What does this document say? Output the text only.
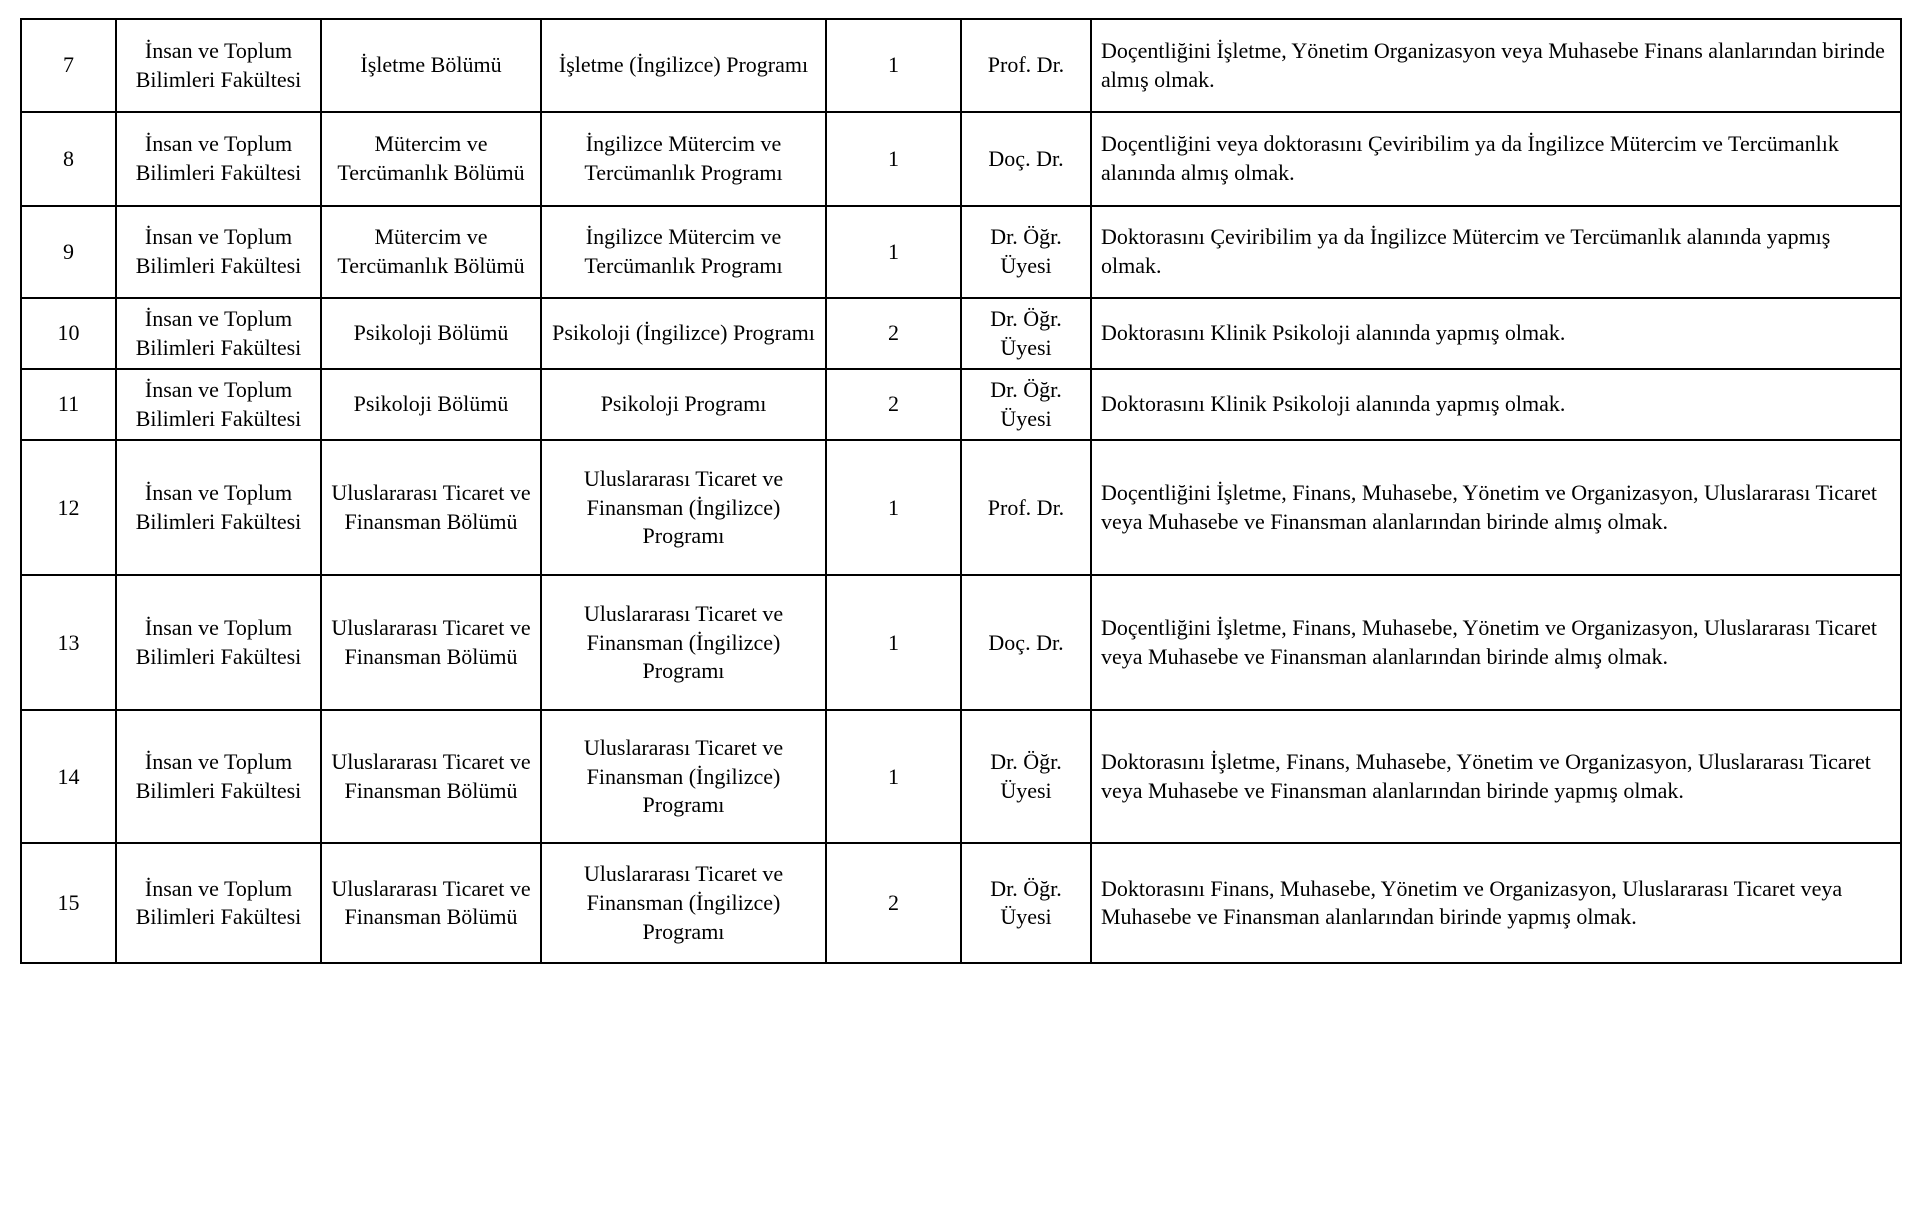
7	İnsan ve Toplum Bilimleri Fakültesi	İşletme Bölümü	İşletme (İngilizce) Programı	1	Prof. Dr.	Doçentliğini İşletme, Yönetim Organizasyon veya Muhasebe Finans alanlarından birinde almış olmak.
8	İnsan ve Toplum Bilimleri Fakültesi	Mütercim ve Tercümanlık Bölümü	İngilizce Mütercim ve Tercümanlık Programı	1	Doç. Dr.	Doçentliğini veya doktorasını Çeviribilim ya da İngilizce Mütercim ve Tercümanlık alanında almış olmak.
9	İnsan ve Toplum Bilimleri Fakültesi	Mütercim ve Tercümanlık Bölümü	İngilizce Mütercim ve Tercümanlık Programı	1	Dr. Öğr. Üyesi	Doktorasını Çeviribilim ya da İngilizce Mütercim ve Tercümanlık alanında yapmış olmak.
10	İnsan ve Toplum Bilimleri Fakültesi	Psikoloji Bölümü	Psikoloji (İngilizce) Programı	2	Dr. Öğr. Üyesi	Doktorasını Klinik Psikoloji alanında yapmış olmak.
11	İnsan ve Toplum Bilimleri Fakültesi	Psikoloji Bölümü	Psikoloji Programı	2	Dr. Öğr. Üyesi	Doktorasını Klinik Psikoloji alanında yapmış olmak.
12	İnsan ve Toplum Bilimleri Fakültesi	Uluslararası Ticaret ve Finansman Bölümü	Uluslararası Ticaret ve Finansman (İngilizce) Programı	1	Prof. Dr.	Doçentliğini İşletme, Finans, Muhasebe, Yönetim ve Organizasyon, Uluslararası Ticaret veya Muhasebe ve Finansman alanlarından birinde almış olmak.
13	İnsan ve Toplum Bilimleri Fakültesi	Uluslararası Ticaret ve Finansman Bölümü	Uluslararası Ticaret ve Finansman (İngilizce) Programı	1	Doç. Dr.	Doçentliğini İşletme, Finans, Muhasebe, Yönetim ve Organizasyon, Uluslararası Ticaret veya Muhasebe ve Finansman alanlarından birinde almış olmak.
14	İnsan ve Toplum Bilimleri Fakültesi	Uluslararası Ticaret ve Finansman Bölümü	Uluslararası Ticaret ve Finansman (İngilizce) Programı	1	Dr. Öğr. Üyesi	Doktorasını İşletme, Finans, Muhasebe, Yönetim ve Organizasyon, Uluslararası Ticaret veya Muhasebe ve Finansman alanlarından birinde yapmış olmak.
15	İnsan ve Toplum Bilimleri Fakültesi	Uluslararası Ticaret ve Finansman Bölümü	Uluslararası Ticaret ve Finansman (İngilizce) Programı	2	Dr. Öğr. Üyesi	Doktorasını Finans, Muhasebe, Yönetim ve Organizasyon, Uluslararası Ticaret veya Muhasebe ve Finansman alanlarından birinde yapmış olmak.
